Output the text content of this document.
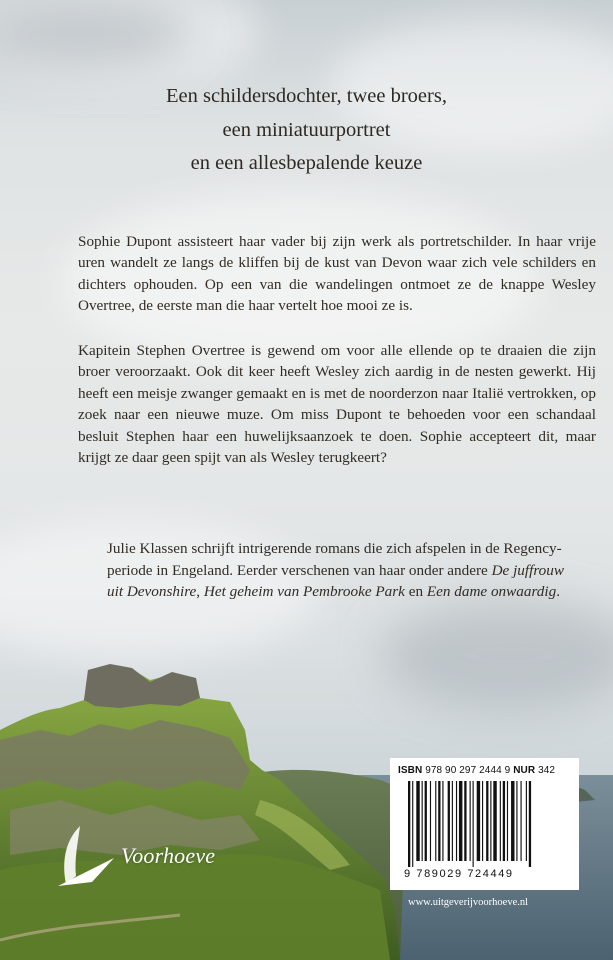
Een schildersdochter, twee broers,
een miniatuurportret
en een allesbepalende keuze

Sophie Dupont assisteert haar vader bij zijn werk als portretschilder. In haar vrije uren wandelt ze langs de kliffen bij de kust van Devon waar zich vele schilders en dichters ophouden. Op een van die wandelingen ontmoet ze de knappe Wesley Overtree, de eerste man die haar vertelt hoe mooi ze is.

Kapitein Stephen Overtree is gewend om voor alle ellende op te draaien die zijn broer veroorzaakt. Ook dit keer heeft Wesley zich aardig in de nesten gewerkt. Hij heeft een meisje zwanger gemaakt en is met de noorderzon naar Italië vertrokken, op zoek naar een nieuwe muze. Om miss Dupont te behoeden voor een schandaal besluit Stephen haar een huwelijksaanzoek te doen. Sophie accepteert dit, maar krijgt ze daar geen spijt van als Wesley terugkeert?

Julie Klassen schrijft intrigerende romans die zich afspelen in de Regency-periode in Engeland. Eerder verschenen van haar onder andere De juffrouw uit Devonshire, Het geheim van Pembrooke Park en Een dame onwaardig.

Voorhoeve
ISBN 978 90 297 2444 9 NUR 342
9 789029 724449
www.uitgeverijvoorhoeve.nl
